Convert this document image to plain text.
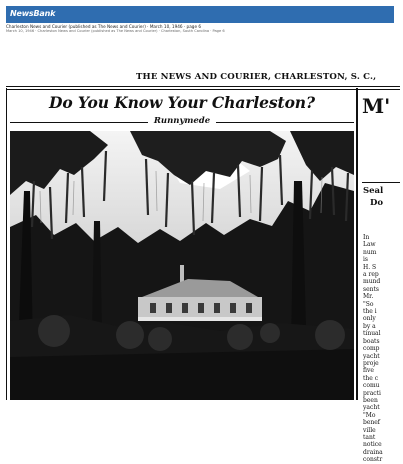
NewsBank
Charleston News and Courier (published as The News and Courier) · March 10, 1946 · page 6
March 10, 1946 · Charleston News and Courier (published as The News and Courier) · Charleston, South Carolina · Page 6
THE NEWS AND COURIER, CHARLESTON, S. C.,
Do You Know Your Charleston?
Runnymede
M'
Seal
Do
In
Law
num
is
H. S
a rep
mund
sents
Mr.
"So
the i
only
by a
tinual
boats
comp
yacht
proje
five
the c
comu
practi
been
yacht
"Mo
benef
ville
tant
notice
draina
constr
